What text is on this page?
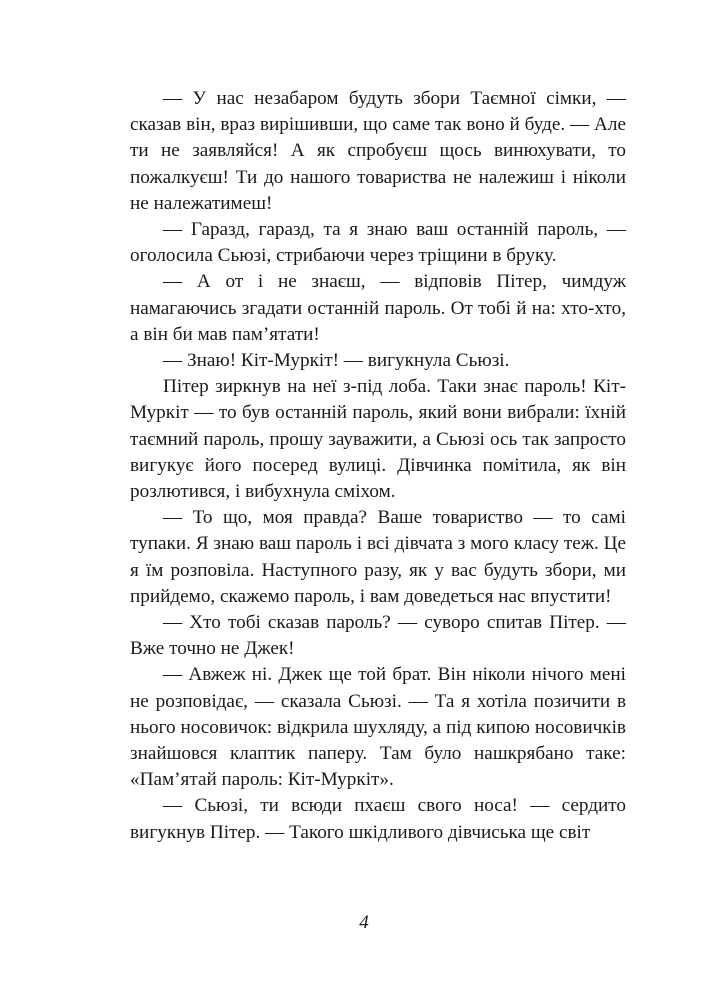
— У нас незабаром будуть збори Таємної сімки, — сказав він, враз вирішивши, що саме так воно й буде. — Але ти не заявляйся! А як спробуєш щось винюхувати, то пожалкуєш! Ти до нашого товариства не належиш і ніколи не належатимеш!

— Гаразд, гаразд, та я знаю ваш останній пароль, — оголосила Сьюзі, стрибаючи через тріщини в бруку.

— А от і не знаєш, — відповів Пітер, чимдуж намагаючись згадати останній пароль. От тобі й на: хто-хто, а він би мав пам’ятати!

— Знаю! Кіт-Муркіт! — вигукнула Сьюзі.

Пітер зиркнув на неї з-під лоба. Таки знає пароль! Кіт-Муркіт — то був останній пароль, який вони вибрали: їхній таємний пароль, прошу зауважити, а Сьюзі ось так запросто вигукує його посеред вулиці. Дівчинка помітила, як він розлютився, і вибухнула сміхом.

— То що, моя правда? Ваше товариство — то самі тупаки. Я знаю ваш пароль і всі дівчата з мого класу теж. Це я їм розповіла. Наступного разу, як у вас будуть збори, ми прийдемо, скажемо пароль, і вам доведеться нас впустити!

— Хто тобі сказав пароль? — суворо спитав Пітер. — Вже точно не Джек!

— Авжеж ні. Джек ще той брат. Він ніколи нічого мені не розповідає, — сказала Сьюзі. — Та я хотіла позичити в нього носовичок: відкрила шухляду, а під кипою носовичків знайшовся клаптик паперу. Там було нашкрябано таке: «Пам’ятай пароль: Кіт-Муркіт».

— Сьюзі, ти всюди пхаєш свого носа! — сердито вигукнув Пітер. — Такого шкідливого дівчиська ще світ

4
